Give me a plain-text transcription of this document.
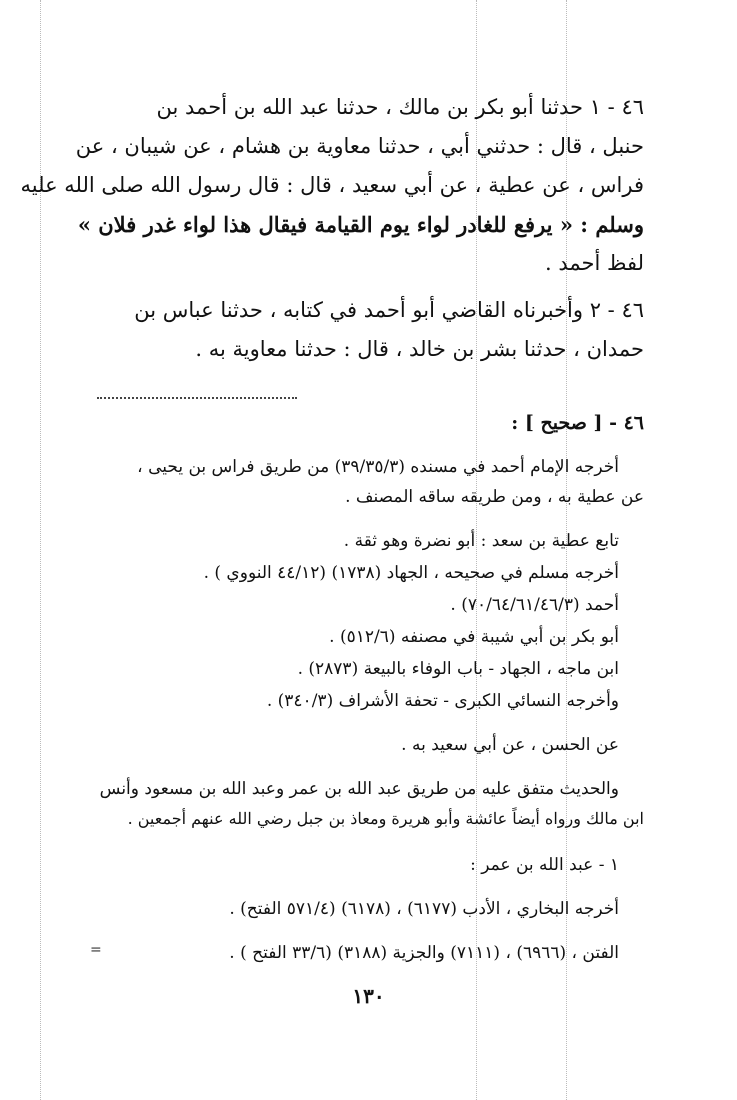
٤٦ - ١ حدثنا أبو بكر بن مالك ، حدثنا عبد الله بن أحمد بن
حنبل ، قال : حدثني أبي ، حدثنا معاوية بن هشام ، عن شيبان ، عن
فراس ، عن عطية ، عن أبي سعيد ، قال : قال رسول الله صلى الله عليه
وسلم : « يرفع للغادر لواء يوم القيامة فيقال هذا لواء غدر فلان »
لفظ أحمد .
٤٦ - ٢ وأخبرناه القاضي أبو أحمد في كتابه ، حدثنا عباس بن
حمدان ، حدثنا بشر بن خالد ، قال : حدثنا معاوية به .
٤٦ - [ صحيح ] :
أخرجه الإمام أحمد في مسنده (٣٩/٣٥/٣) من طريق فراس بن يحيى ،
عن عطية به ، ومن طريقه ساقه المصنف .
تابع عطية بن سعد : أبو نضرة وهو ثقة .
أخرجه مسلم في صحيحه ، الجهاد (١٧٣٨) (٤٤/١٢ النووي ) .
أحمد (٧٠/٦٤/٦١/٤٦/٣) .
أبو بكر بن أبي شيبة في مصنفه (٥١٢/٦) .
ابن ماجه ، الجهاد - باب الوفاء بالبيعة (٢٨٧٣) .
وأخرجه النسائي الكبرى - تحفة الأشراف (٣٤٠/٣) .
عن الحسن ، عن أبي سعيد به .
والحديث متفق عليه من طريق عبد الله بن عمر وعبد الله بن مسعود وأنس
ابن مالك ورواه أيضاً عائشة وأبو هريرة ومعاذ بن جبل رضي الله عنهم أجمعين .
١ - عبد الله بن عمر :
أخرجه البخاري ، الأدب (٦١٧٧) ، (٦١٧٨) (٥٧١/٤ الفتح) .
الفتن ، (٦٩٦٦) ، (٧١١١) والجزية (٣١٨٨) (٣٣/٦ الفتح ) .
=
١٣٠
